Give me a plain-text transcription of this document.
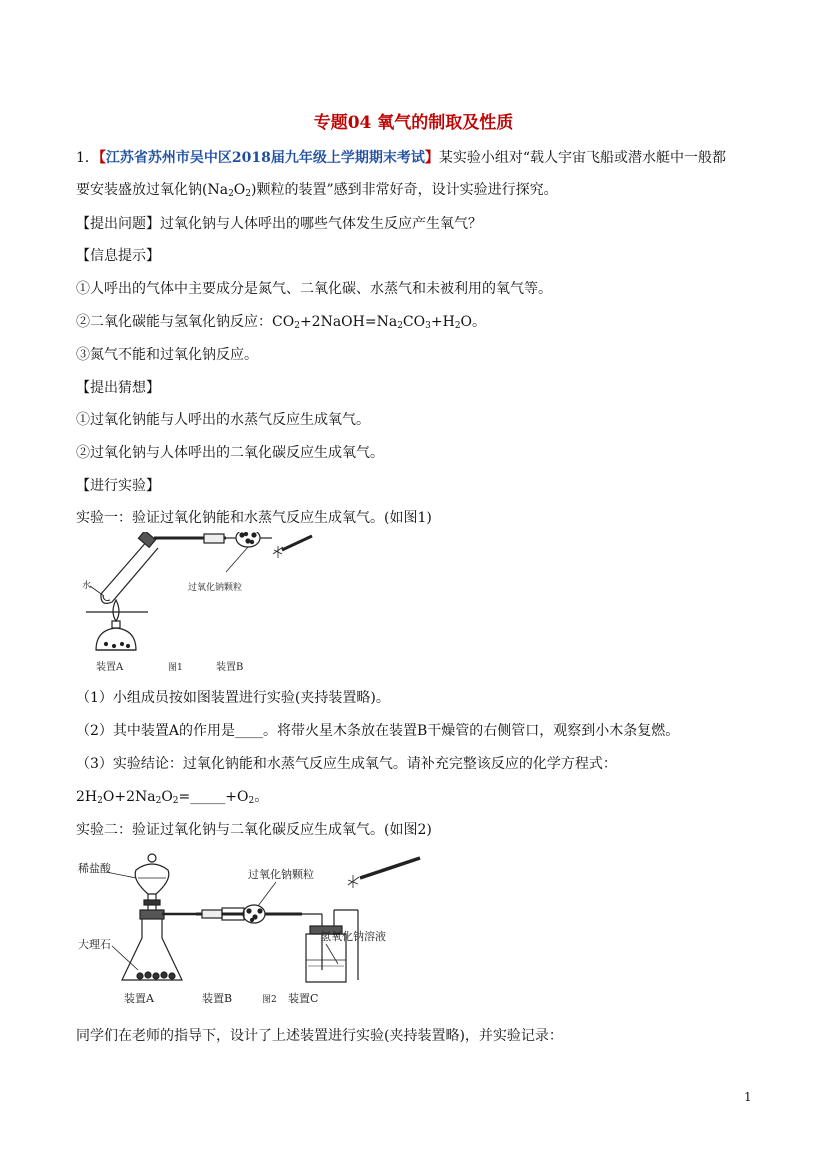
专题04 氧气的制取及性质
1．【江苏省苏州市吴中区2018届九年级上学期期末考试】某实验小组对“载人宇宙飞船或潜水艇中一般都
要安装盛放过氧化钠$(Na_2O_2)$颗粒的装置”感到非常好奇，设计实验进行探究。
【提出问题】过氧化钠与人体呼出的哪些气体发生反应产生氧气？
【信息提示】
①人呼出的气体中主要成分是氮气、二氧化碳、水蒸气和未被利用的氧气等。
②二氧化碳能与氢氧化钠反应：$CO_2+2NaOH=Na_2CO_3+H_2O$。
③氮气不能和过氧化钠反应。
【提出猜想】
①过氧化钠能与人呼出的水蒸气反应生成氧气。
②过氧化钠与人体呼出的二氧化碳反应生成氧气。
【进行实验】
实验一：验证过氧化钠能和水蒸气反应生成氧气。(如图1)
水	过氧化钠颗粒
装置A	图1	装置B
（1）小组成员按如图装置进行实验(夹持装置略)。
（2）其中装置A的作用是____。将带火星木条放在装置B干燥管的右侧管口，观察到小木条复燃。
（3）实验结论：过氧化钠能和水蒸气反应生成氧气。请补充完整该反应的化学方程式：
$2H_2O+2Na_2O_2=\_\_\_\_\_+O_2$。
实验二：验证过氧化钠与二氧化碳反应生成氧气。(如图2)
稀盐酸
大理石
过氧化钠颗粒
氢氧化钠溶液
装置A	装置B	图2 装置C
同学们在老师的指导下，设计了上述装置进行实验(夹持装置略)，并实验记录：
1
